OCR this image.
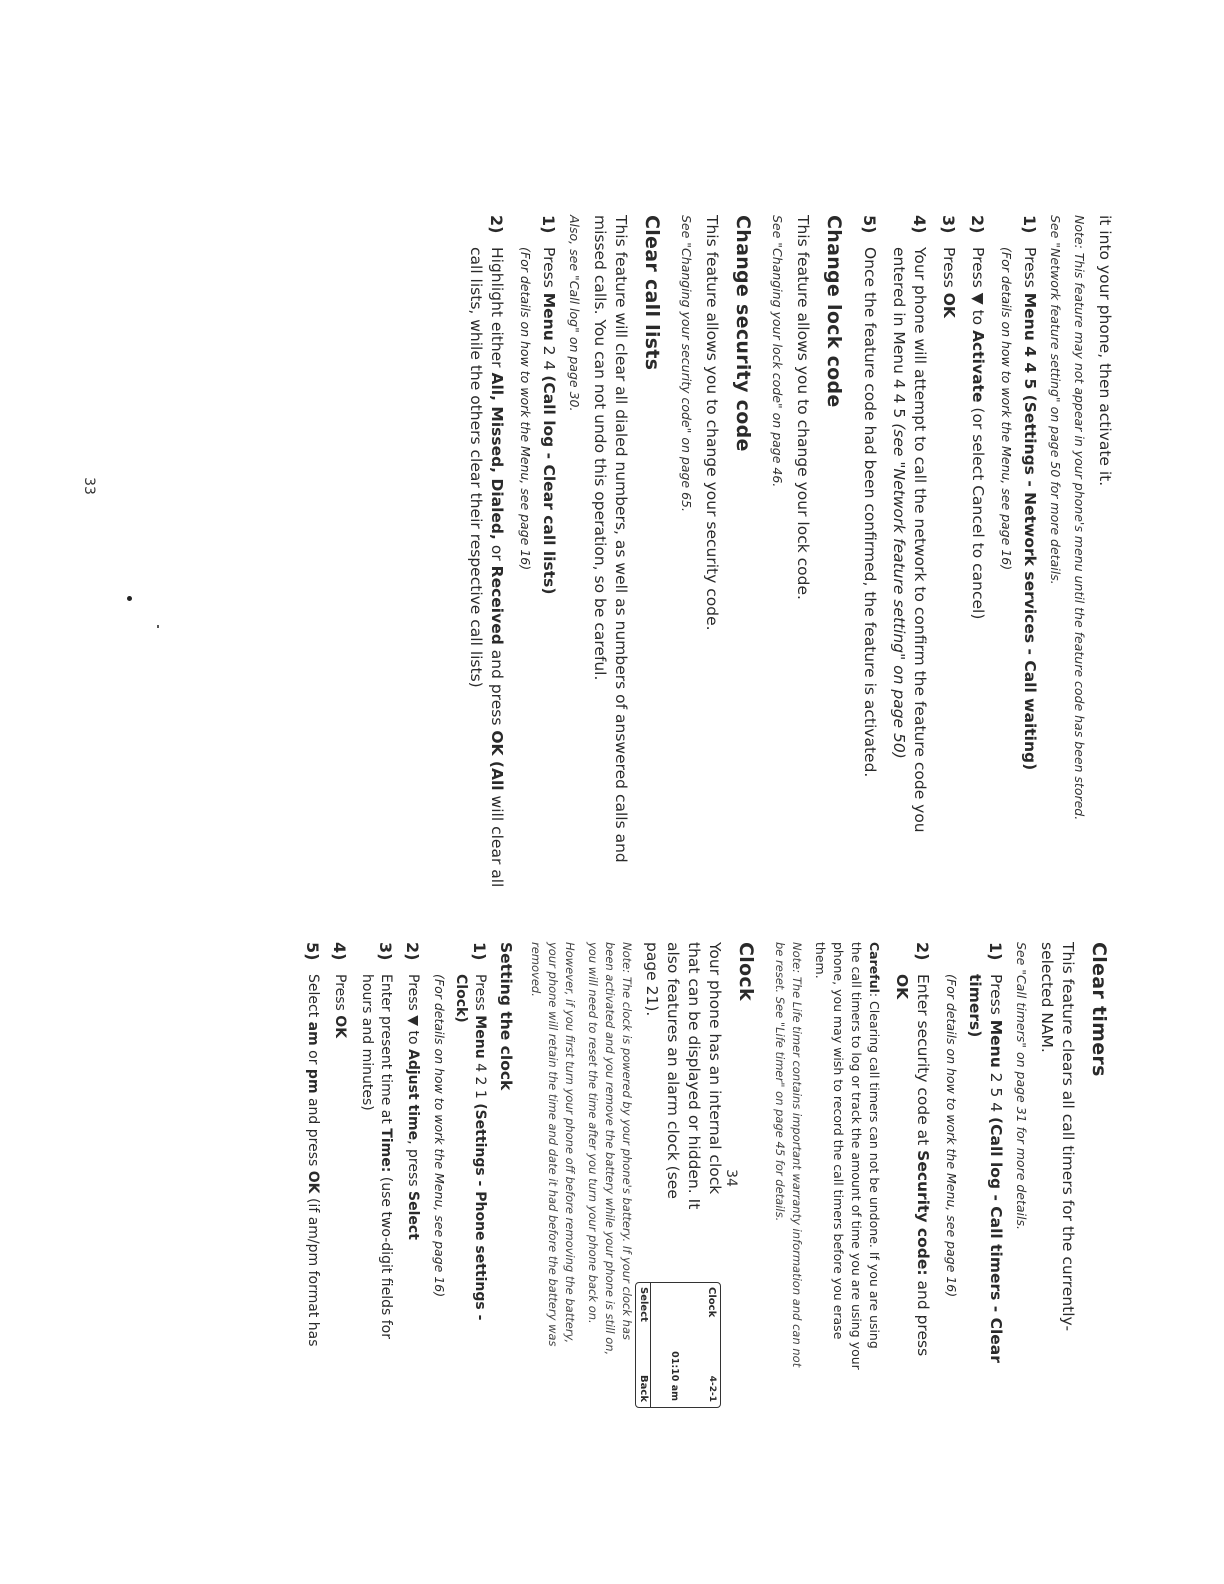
it into your phone, then activate it.

Note: This feature may not appear in your phone's menu until the feature code has been stored.

See "Network feature setting" on page 50 for more details.

1)
Press Menu 4 4 5 (Settings - Network services - Call waiting)
(For details on how to work the Menu, see page 16)
2)
Press ▼ to Activate (or select Cancel to cancel)
3)
Press OK
4)
Your phone will attempt to call the network to confirm the feature code you entered in Menu 4 4 5 (see "Network feature setting" on page 50)
5)
Once the feature code had been confirmed, the feature is activated.
Change lock code

This feature allows you to change your lock code.

See "Changing your lock code" on page 46.

Change security code

This feature allows you to change your security code.

See "Changing your security code" on page 65.

Clear call lists

This feature will clear all dialed numbers, as well as numbers of answered calls and missed calls. You can not undo this operation, so be careful.

Also, see "Call log" on page 30.

1)
Press Menu 2 4 (Call log - Clear call lists)
(For details on how to work the Menu, see page 16)
2)
Highlight either All, Missed, Dialed, or Received and press OK (All will clear all call lists, while the others clear their respective call lists)
33
Clear timers

This feature clears all call timers for the currently-selected NAM.

See "Call timers" on page 31 for more details.

1)
Press Menu 2 5 4 (Call log - Call timers - Clear timers)
(For details on how to work the Menu, see page 16)
2)
Enter security code at Security code: and press OK

Careful: Clearing call timers can not be undone. If you are using the call timers to log or track the amount of time you are using your phone, you may wish to record the call timers before you erase them.

Note: The Life timer contains important warranty information and can not be reset. See "Life timer" on page 45 for details.

Clock

Your phone has an internal clock that can be displayed or hidden. It also features an alarm clock (see page 21).

Clock
4-2-1
01:10 am
Select
Back

Note: The clock is powered by your phone's battery. If your clock has been activated and you remove the battery while your phone is still on, you will need to reset the time after you turn your phone back on.

However, if you first turn your phone off before removing the battery, your phone will retain the time and date it had before the battery was removed.

Setting the clock
1)
Press Menu 4 2 1 (Settings - Phone settings - Clock)
(For details on how to work the Menu, see page 16)
2)
Press ▼ to Adjust time, press Select
3)
Enter present time at Time: (use two-digit fields for hours and minutes)
4)
Press OK
5)
Select am or pm and press OK (if am/pm format has
34
